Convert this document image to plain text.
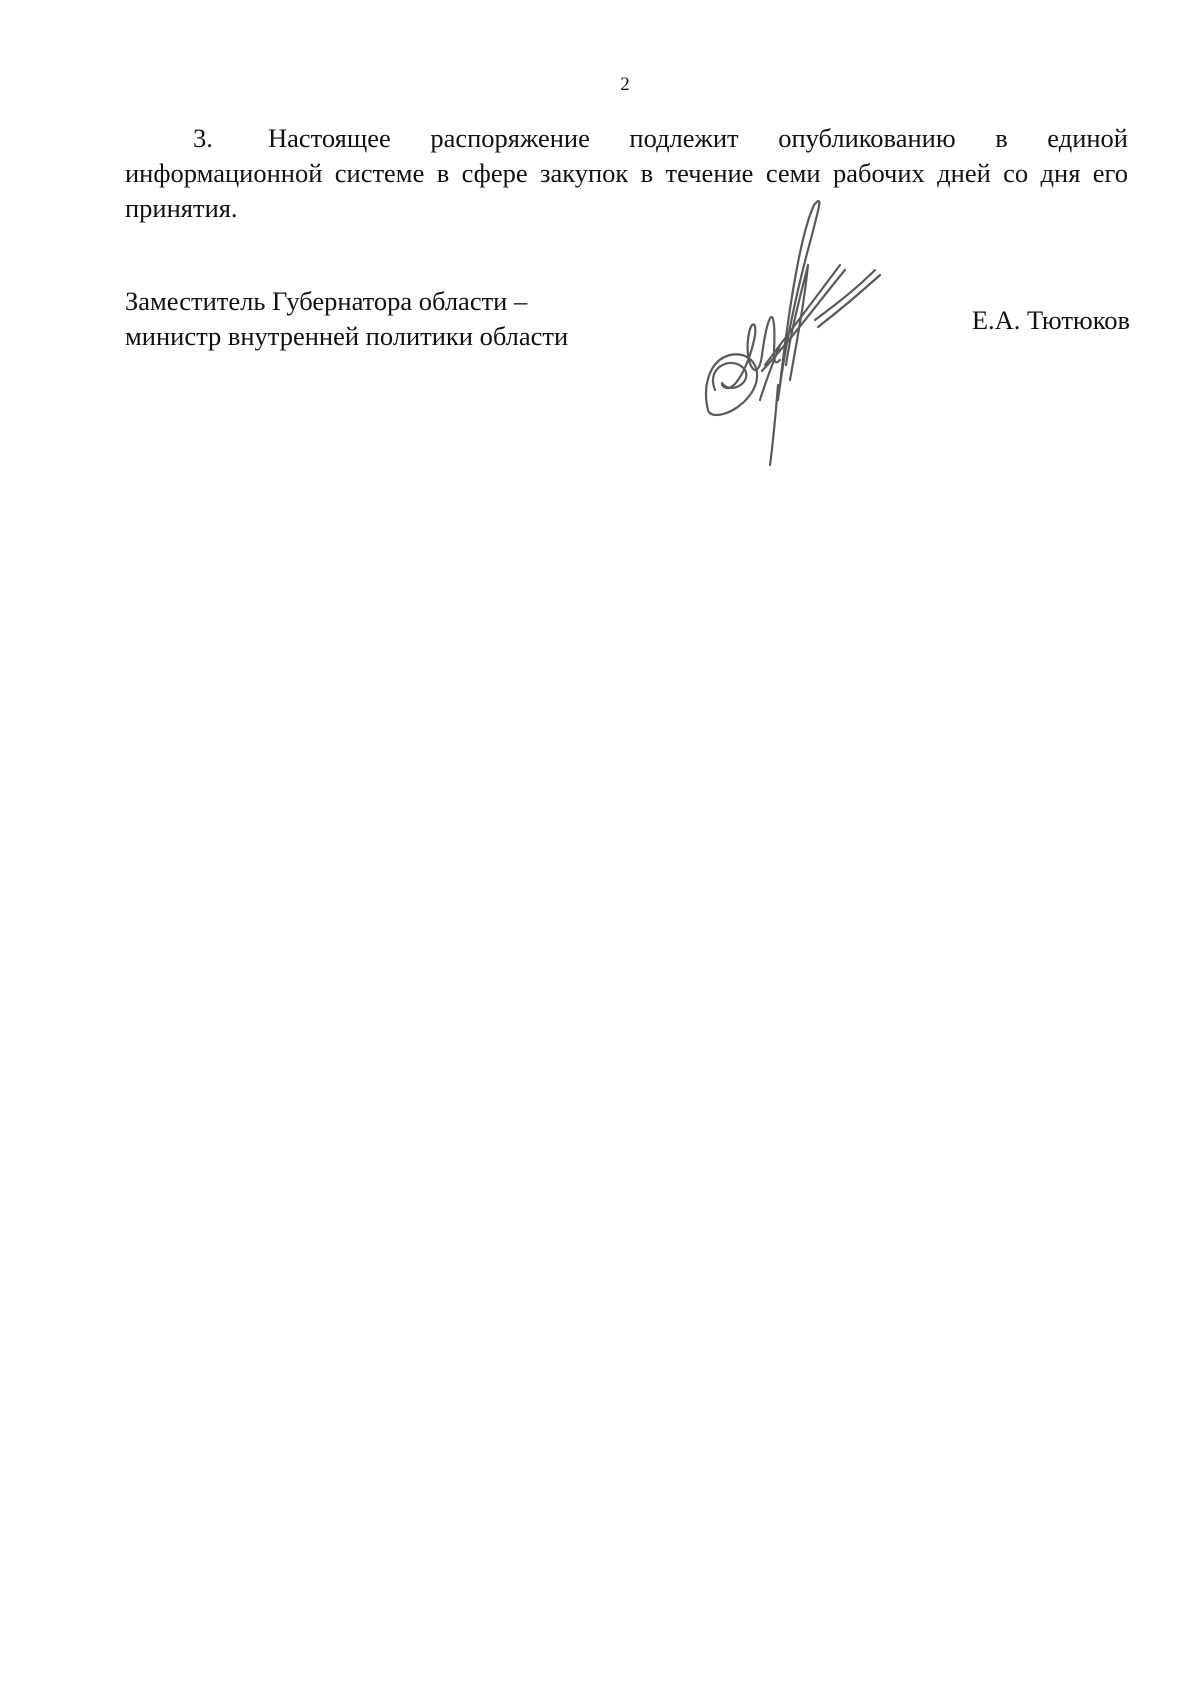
2

3. Настоящее распоряжение подлежит опубликованию в единой информационной системе в сфере закупок в течение семи рабочих дней со дня его принятия.

Заместитель Губернатора области –
министр внутренней политики области
Е.А. Тютюков
